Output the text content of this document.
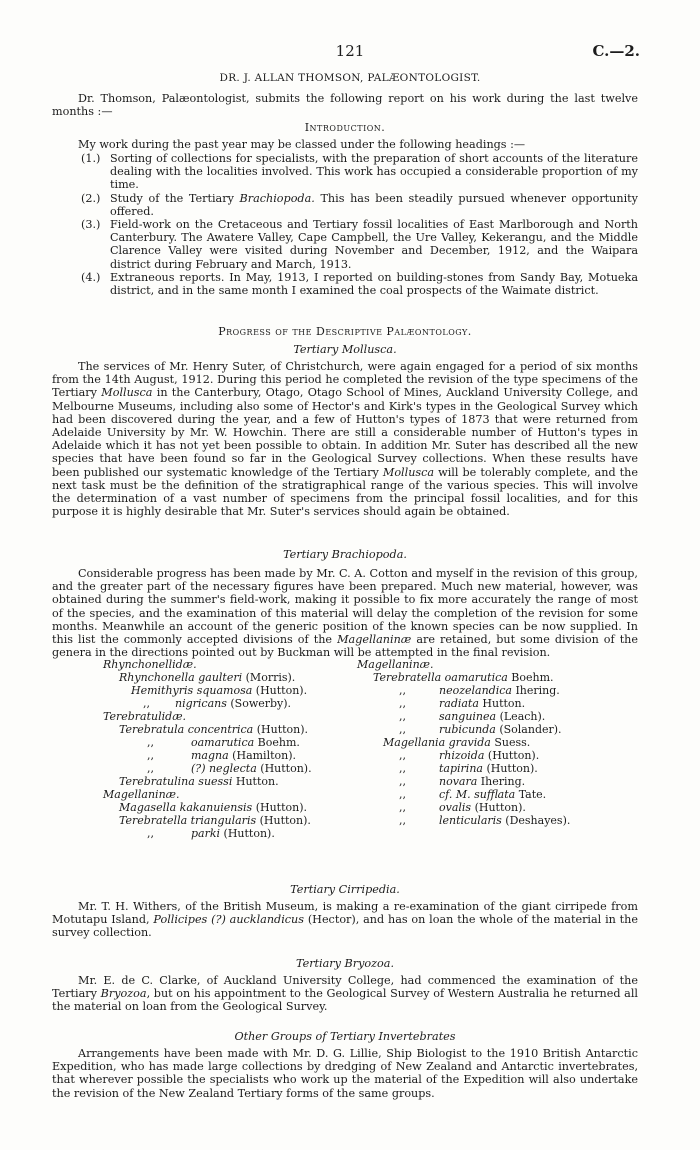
121	C.—2.
DR. J. ALLAN THOMSON, PALÆONTOLOGIST.
Dr. Thomson, Palæontologist, submits the following report on his work during the last twelve months :—
Introduction.
My work during the past year may be classed under the following headings :—
(1.) Sorting of collections for specialists, with the preparation of short accounts of the literature dealing with the localities involved. This work has occupied a considerable proportion of my time.
(2.) Study of the Tertiary Brachiopoda. This has been steadily pursued whenever opportunity offered.
(3.) Field-work on the Cretaceous and Tertiary fossil localities of East Marlborough and North Canterbury. The Awatere Valley, Cape Campbell, the Ure Valley, Kekerangu, and the Middle Clarence Valley were visited during November and December, 1912, and the Waipara district during February and March, 1913.
(4.) Extraneous reports. In May, 1913, I reported on building-stones from Sandy Bay, Motueka district, and in the same month I examined the coal prospects of the Waimate district.
Progress of the Descriptive Palæontology.
Tertiary Mollusca.
The services of Mr. Henry Suter, of Christchurch, were again engaged for a period of six months from the 14th August, 1912. During this period he completed the revision of the type specimens of the Tertiary Mollusca in the Canterbury, Otago, Otago School of Mines, Auckland University College, and Melbourne Museums, including also some of Hector's and Kirk's types in the Geological Survey which had been discovered during the year, and a few of Hutton's types of 1873 that were returned from Adelaide University by Mr. W. Howchin. There are still a considerable number of Hutton's types in Adelaide which it has not yet been possible to obtain. In addition Mr. Suter has described all the new species that have been found so far in the Geological Survey collections. When these results have been published our systematic knowledge of the Tertiary Mollusca will be tolerably complete, and the next task must be the definition of the stratigraphical range of the various species. This will involve the determination of a vast number of specimens from the principal fossil localities, and for this purpose it is highly desirable that Mr. Suter's services should again be obtained.
Tertiary Brachiopoda.
Considerable progress has been made by Mr. C. A. Cotton and myself in the revision of this group, and the greater part of the necessary figures have been prepared. Much new material, however, was obtained during the summer's field-work, making it possible to fix more accurately the range of most of the species, and the examination of this material will delay the completion of the revision for some months. Meanwhile an account of the generic position of the known species can be now supplied. In this list the commonly accepted divisions of the Magellaninæ are retained, but some division of the genera in the directions pointed out by Buckman will be attempted in the final revision.
Rhynchonellidæ.
Rhynchonella gaulteri (Morris).
Hemithyris squamosa (Hutton).
,, nigricans (Sowerby).
Terebratulidæ.
Terebratula concentrica (Hutton).
,,	oamarutica Boehm.
,,	magna (Hamilton).
,,	(?) neglecta (Hutton).
Terebratulina suessi Hutton.
Magellaninæ.
Magasella kakanuiensis (Hutton).
Terebratella triangularis (Hutton).
,,	parki (Hutton).
Magellaninæ.
Terebratella oamarutica Boehm.
,,	neozelandica Ihering.
,,	radiata Hutton.
,,	sanguinea (Leach).
,,	rubicunda (Solander).
Magellania gravida Suess.
,,	rhizoida (Hutton).
,,	tapirina (Hutton).
,,	novara Ihering.
,,	cf. M. sufflata Tate.
,,	ovalis (Hutton).
,,	lenticularis (Deshayes).
Tertiary Cirripedia.
Mr. T. H. Withers, of the British Museum, is making a re-examination of the giant cirripede from Motutapu Island, Pollicipes (?) aucklandicus (Hector), and has on loan the whole of the material in the survey collection.
Tertiary Bryozoa.
Mr. E. de C. Clarke, of Auckland University College, had commenced the examination of the Tertiary Bryozoa, but on his appointment to the Geological Survey of Western Australia he returned all the material on loan from the Geological Survey.
Other Groups of Tertiary Invertebrates
Arrangements have been made with Mr. D. G. Lillie, Ship Biologist to the 1910 British Antarctic Expedition, who has made large collections by dredging of New Zealand and Antarctic invertebrates, that wherever possible the specialists who work up the material of the Expedition will also undertake the revision of the New Zealand Tertiary forms of the same groups.
